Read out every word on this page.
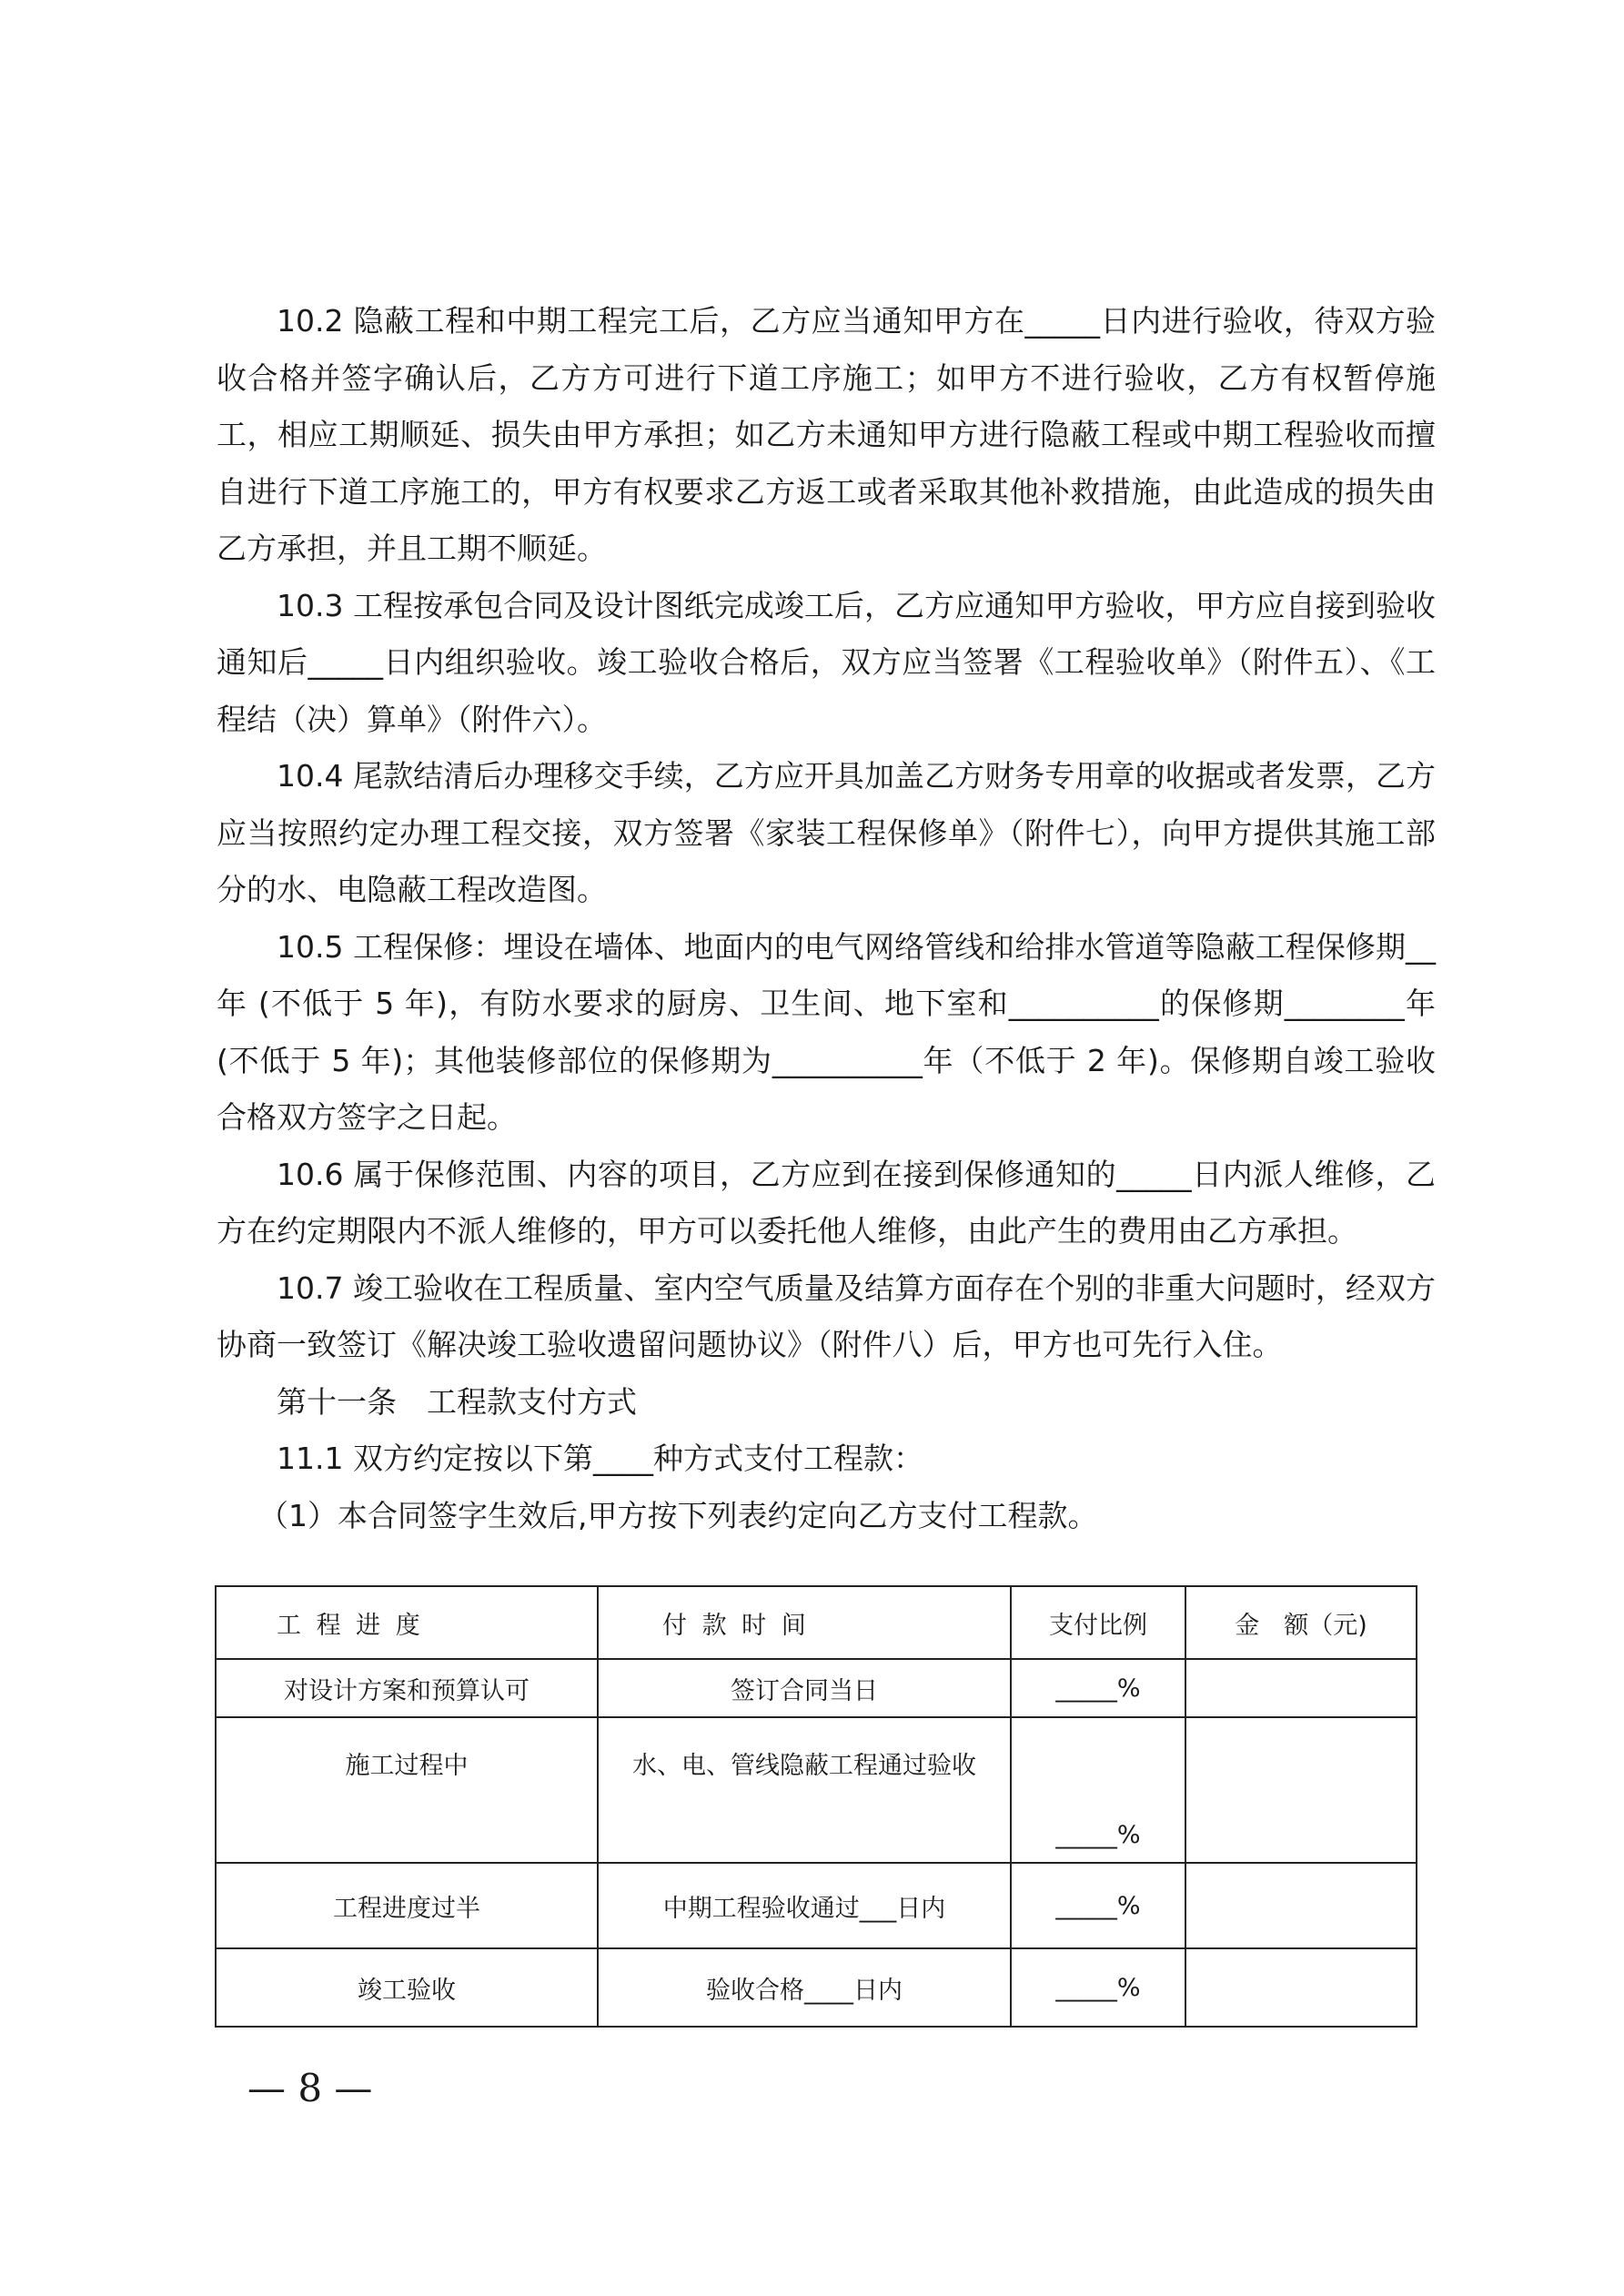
10.2 隐蔽工程和中期工程完工后，乙方应当通知甲方在_____日内进行验收，待双方验收合格并签字确认后，乙方方可进行下道工序施工；如甲方不进行验收，乙方有权暂停施工，相应工期顺延、损失由甲方承担；如乙方未通知甲方进行隐蔽工程或中期工程验收而擅自进行下道工序施工的，甲方有权要求乙方返工或者采取其他补救措施，由此造成的损失由乙方承担，并且工期不顺延。

10.3 工程按承包合同及设计图纸完成竣工后，乙方应通知甲方验收，甲方应自接到验收通知后_____日内组织验收。竣工验收合格后，双方应当签署《工程验收单》（附件五）、《工程结（决）算单》（附件六）。

10.4 尾款结清后办理移交手续，乙方应开具加盖乙方财务专用章的收据或者发票，乙方应当按照约定办理工程交接，双方签署《家装工程保修单》（附件七），向甲方提供其施工部分的水、电隐蔽工程改造图。

10.5 工程保修：埋设在墙体、地面内的电气网络管线和给排水管道等隐蔽工程保修期__年 (不低于 5 年)，有防水要求的厨房、卫生间、地下室和__________的保修期________年 (不低于 5 年)；其他装修部位的保修期为__________年（不低于 2 年)。保修期自竣工验收合格双方签字之日起。

10.6 属于保修范围、内容的项目，乙方应到在接到保修通知的_____日内派人维修，乙方在约定期限内不派人维修的，甲方可以委托他人维修，由此产生的费用由乙方承担。

10.7 竣工验收在工程质量、室内空气质量及结算方面存在个别的非重大问题时，经双方协商一致签订《解决竣工验收遗留问题协议》（附件八）后，甲方也可先行入住。

第十一条　工程款支付方式

11.1 双方约定按以下第____种方式支付工程款：

（1）本合同签字生效后,甲方按下列表约定向乙方支付工程款。

工 程 进 度	付 款 时 间	支付比例	金　额（元)
对设计方案和预算认可	签订合同当日	_____%	
施工过程中	水、电、管线隐蔽工程通过验收	_____%	
工程进度过半	中期工程验收通过___日内	_____%	
竣工验收	验收合格____日内	_____%	
— 8 —
